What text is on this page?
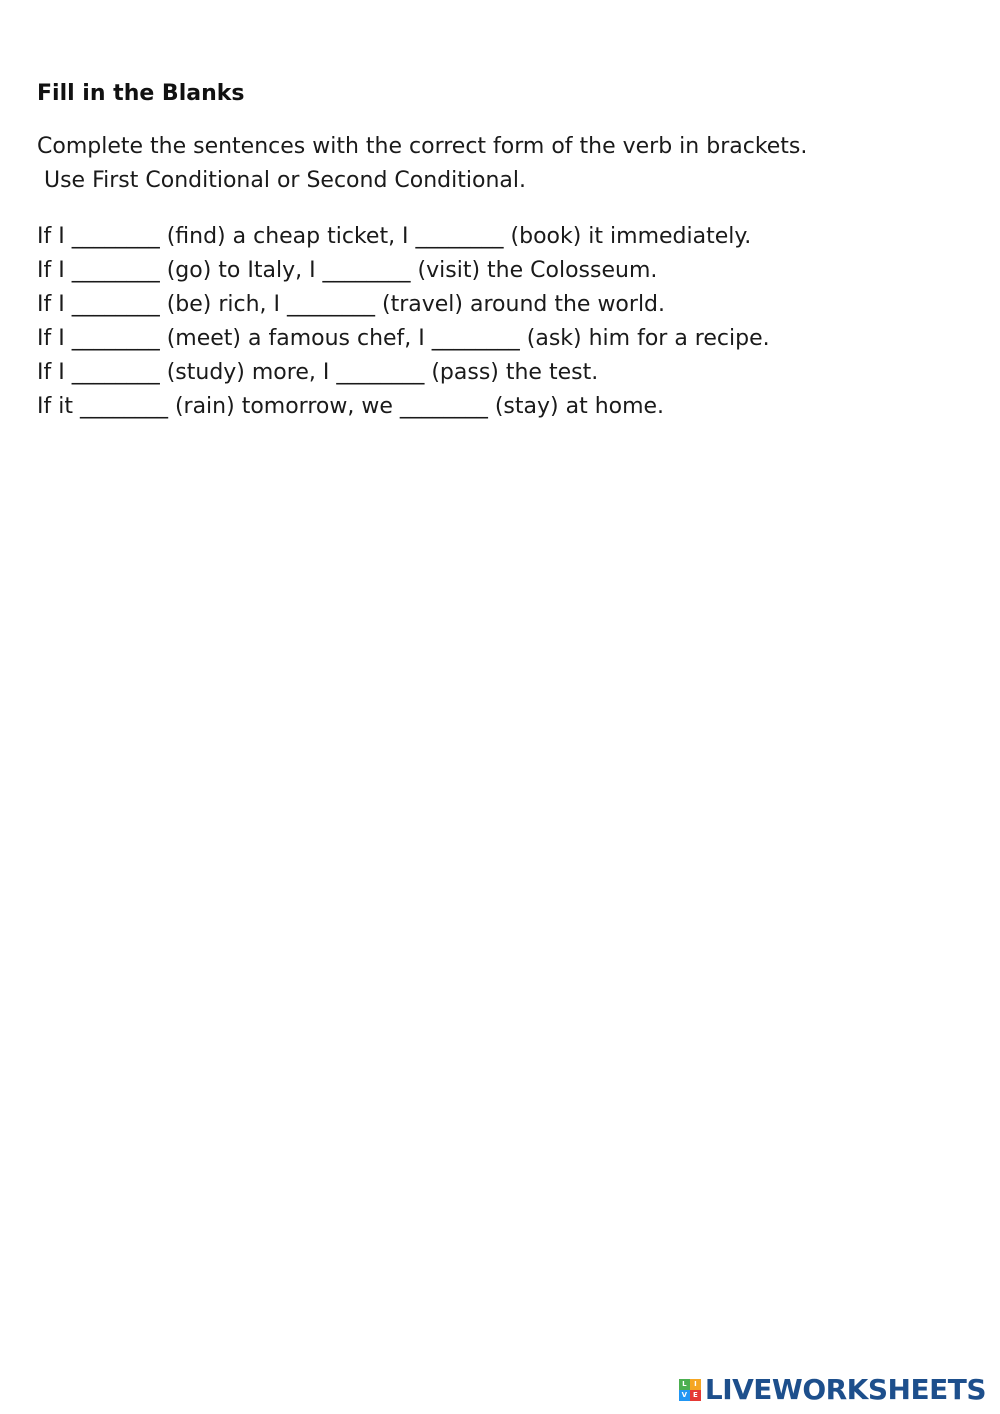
Fill in the Blanks
Complete the sentences with the correct form of the verb in brackets.
Use First Conditional or Second Conditional.
If I ________ (find) a cheap ticket, I ________ (book) it immediately.
If I ________ (go) to Italy, I ________ (visit) the Colosseum.
If I ________ (be) rich, I ________ (travel) around the world.
If I ________ (meet) a famous chef, I ________ (ask) him for a recipe.
If I ________ (study) more, I ________ (pass) the test.
If it ________ (rain) tomorrow, we ________ (stay) at home.
L	I
V E LIVEWORKSHEETS
